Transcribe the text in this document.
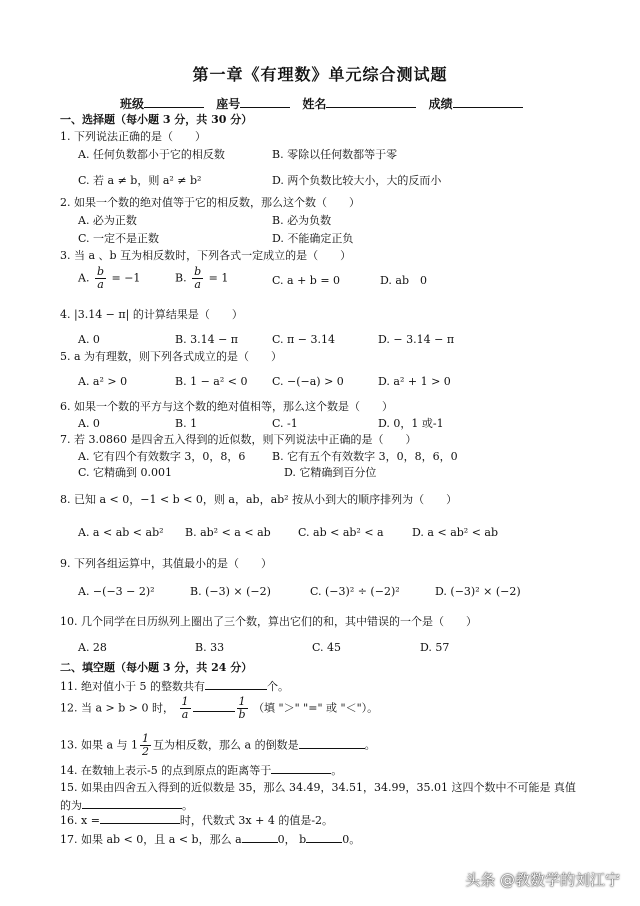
第一章《有理数》单元综合测试题
班级	座号	姓名	成绩
一、选择题（每小题 3 分，共 30 分）
1. 下列说法正确的是（　　）
A. 任何负数都小于它的相反数	B. 零除以任何数都等于零
C. 若 a ≠ b，则 a² ≠ b²	D. 两个负数比较大小，大的反而小
2. 如果一个数的绝对值等于它的相反数，那么这个数（　　）
A. 必为正数	B. 必为负数
C. 一定不是正数	D. 不能确定正负
3. 当 a 、b 互为相反数时，下列各式一定成立的是（　　）
A. $\frac{b}{a} = -1$	B. $\frac{b}{a} = 1$	C. a + b = 0	D. ab　0
4. |3.14 − π| 的计算结果是（　　）
A. 0	B. 3.14 − π	C. π − 3.14	D. − 3.14 − π
5. a 为有理数，则下列各式成立的是（　　）
A. a² > 0	B. 1 − a² < 0 C. −(−a) > 0	D. a² + 1 > 0
6. 如果一个数的平方与这个数的绝对值相等，那么这个数是（　　）
A. 0	B. 1	C. -1	D. 0，1 或-1
7. 若 3.0860 是四舍五入得到的近似数，则下列说法中正确的是（　　）
A. 它有四个有效数字 3，0，8，6 B. 它有五个有效数字 3，0，8，6，0
C. 它精确到 0.001	D. 它精确到百分位
8. 已知 a < 0，−1 < b < 0，则 a，ab，ab² 按从小到大的顺序排列为（　　）
A. a < ab < ab² B. ab² < a < ab C. ab < ab² < a	D. a < ab² < ab
9. 下列各组运算中，其值最小的是（　　）
A. −(−3 − 2)²	B. (−3) × (−2)	C. (−3)² ÷ (−2)²	D. (−3)² × (−2)
10. 几个同学在日历纵列上圈出了三个数，算出它们的和，其中错误的一个是（　　）
A. 28	B. 33	C. 45	D. 57
二、填空题（每小题 3 分，共 24 分）
11. 绝对值小于 5 的整数共有	个。
12. 当 a > b > 0 时， $\frac{1}{a}$	$\frac{1}{b}$ （填 "＞" "=" 或 "＜"）。
13. 如果 a 与 $1 \frac{1}{2}$ 互为相反数，那么 a 的倒数是	。
14. 在数轴上表示-5 的点到原点的距离等于	。
15. 如果由四舍五入得到的近似数是 35，那么 34.49，34.51，34.99，35.01 这四个数中不可能是 真值的为	。
16. x =	时，代数式 3x + 4 的值是-2。
17. 如果 ab < 0，且 a < b，那么 a	0， b	0。
头条 @教数学的刘江宁
